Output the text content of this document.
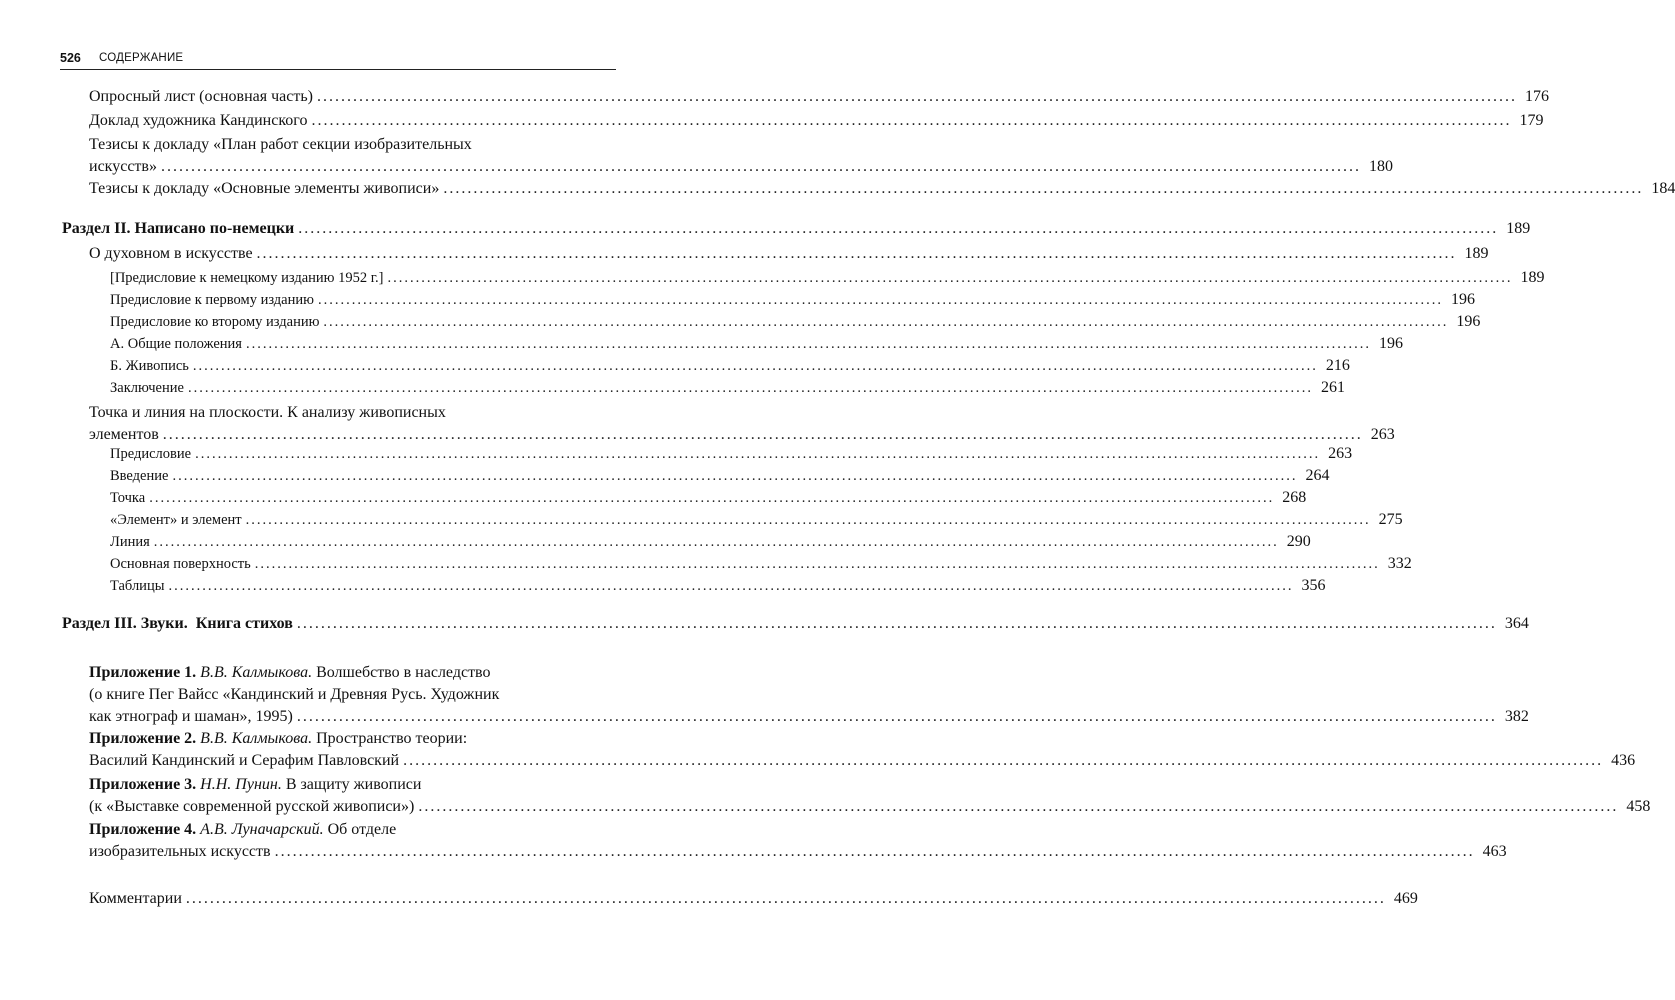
526 СОДЕРЖАНИЕ
Опросный лист (основная часть) ........................................................................................................................................................................................................ 176
Доклад художника Кандинского ........................................................................................................................................................................................................ 179
Тезисы к докладу «План работ секции изобразительных
искусств» ........................................................................................................................................................................................................ 180
Тезисы к докладу «Основные элементы живописи» ........................................................................................................................................................................................................ 184
Раздел II. Написано по-немецки ........................................................................................................................................................................................................ 189
О духовном в искусстве ........................................................................................................................................................................................................ 189
[Предисловие к немецкому изданию 1952 г.] ........................................................................................................................................................................................................ 189
Предисловие к первому изданию ........................................................................................................................................................................................................ 196
Предисловие ко второму изданию ........................................................................................................................................................................................................ 196
А. Общие положения ........................................................................................................................................................................................................ 196
Б. Живопись ........................................................................................................................................................................................................ 216
Заключение ........................................................................................................................................................................................................ 261
Точка и линия на плоскости. К анализу живописных
элементов ........................................................................................................................................................................................................ 263
Предисловие ........................................................................................................................................................................................................ 263
Введение ........................................................................................................................................................................................................ 264
Точка ........................................................................................................................................................................................................ 268
«Элемент» и элемент ........................................................................................................................................................................................................ 275
Линия ........................................................................................................................................................................................................ 290
Основная поверхность ........................................................................................................................................................................................................ 332
Таблицы ........................................................................................................................................................................................................ 356
Раздел III. Звуки.  Книга стихов ........................................................................................................................................................................................................ 364
Приложение 1. В.В. Калмыкова. Волшебство в наследство
(о книге Пег Вайсс «Кандинский и Древняя Русь. Художник
как этнограф и шаман», 1995) ........................................................................................................................................................................................................ 382
Приложение 2. В.В. Калмыкова. Пространство теории:
Василий Кандинский и Серафим Павловский ........................................................................................................................................................................................................ 436
Приложение 3. Н.Н. Пунин. В защиту живописи
(к «Выставке современной русской живописи») ........................................................................................................................................................................................................ 458
Приложение 4. А.В. Луначарский. Об отделе
изобразительных искусств ........................................................................................................................................................................................................ 463
Комментарии ........................................................................................................................................................................................................ 469
